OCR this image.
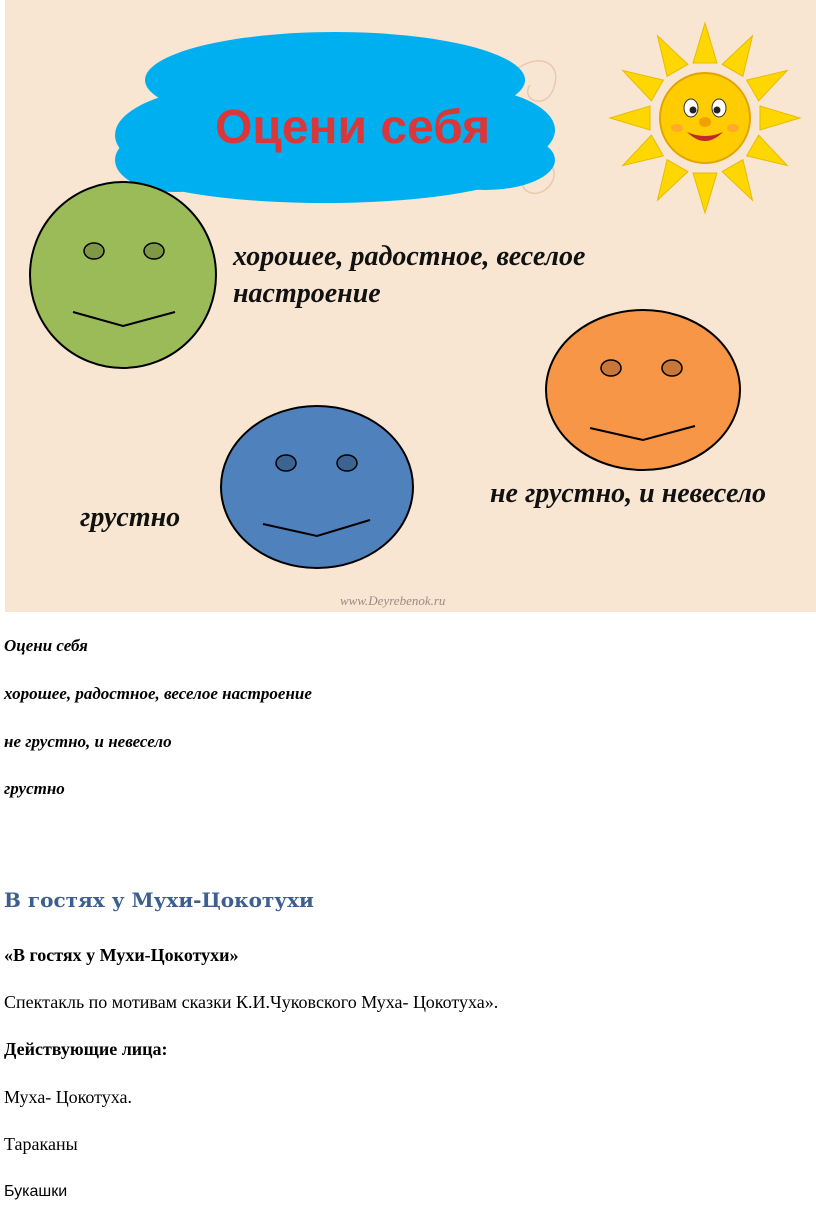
Оцени себя
хорошее, радостное, веселое
настроение
не грустно, и невесело
грустно
www.Deyrebenok.ru
Оцени себя
хорошее, радостное, веселое настроение
не грустно, и невесело
грустно
В гостях у Мухи-Цокотухи
«В гостях у Мухи-Цокотухи»
Спектакль по мотивам сказки К.И.Чуковского Муха- Цокотуха».
Действующие лица:
Муха- Цокотуха.
Тараканы
Букашки
